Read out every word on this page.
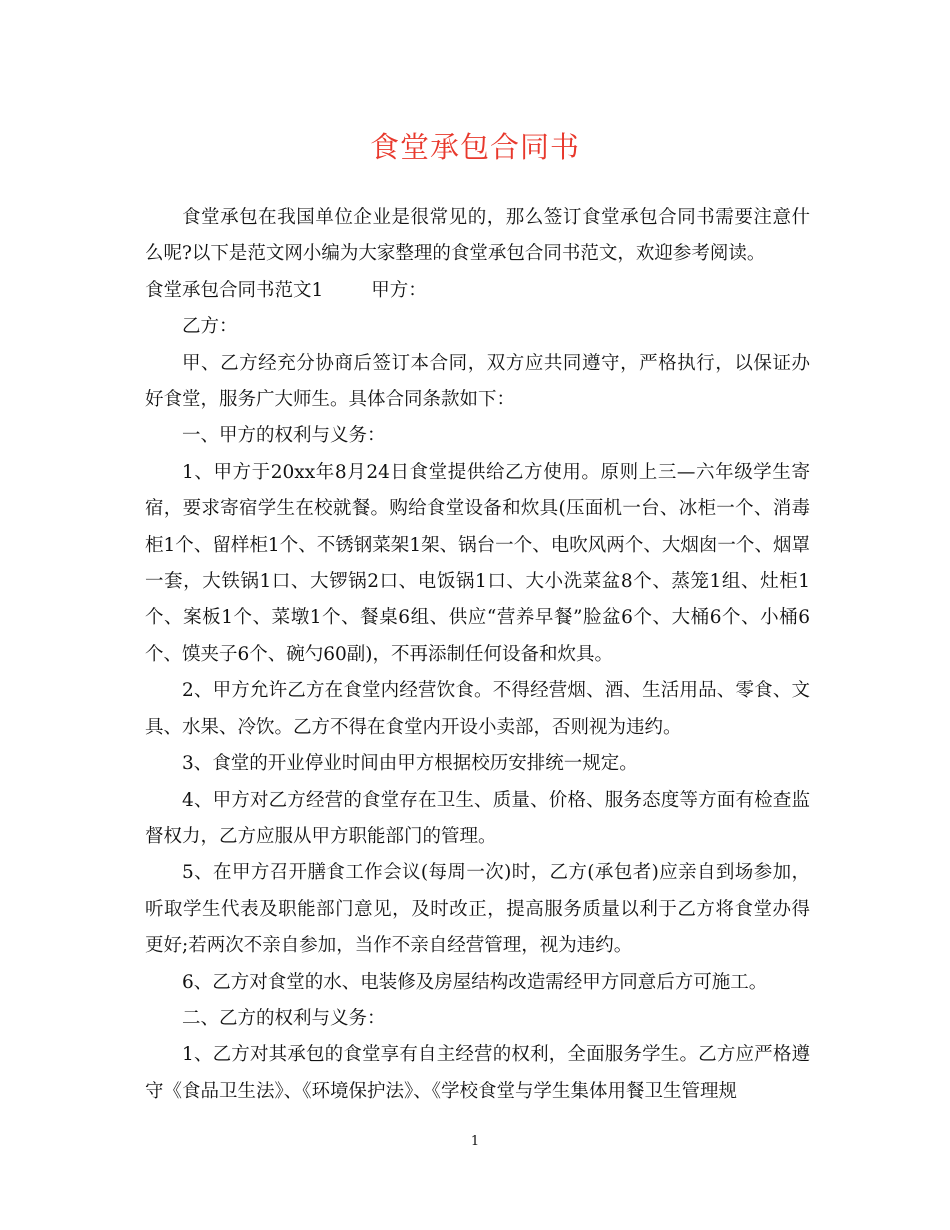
食堂承包合同书

食堂承包在我国单位企业是很常见的，那么签订食堂承包合同书需要注意什么呢?以下是范文网小编为大家整理的食堂承包合同书范文，欢迎参考阅读。

食堂承包合同书范文1	甲方：

乙方：

甲、乙方经充分协商后签订本合同，双方应共同遵守，严格执行，以保证办好食堂，服务广大师生。具体合同条款如下：

一、甲方的权利与义务：

1、甲方于20xx年8月24日食堂提供给乙方使用。原则上三—六年级学生寄宿，要求寄宿学生在校就餐。购给食堂设备和炊具(压面机一台、冰柜一个、消毒柜1个、留样柜1个、不锈钢菜架1架、锅台一个、电吹风两个、大烟囱一个、烟罩一套，大铁锅1口、大锣锅2口、电饭锅1口、大小洗菜盆8个、蒸笼1组、灶柜1个、案板1个、菜墩1个、餐桌6组、供应“营养早餐”脸盆6个、大桶6个、小桶6个、馍夹子6个、碗勺60副)，不再添制任何设备和炊具。

2、甲方允许乙方在食堂内经营饮食。不得经营烟、酒、生活用品、零食、文具、水果、冷饮。乙方不得在食堂内开设小卖部，否则视为违约。

3、食堂的开业停业时间由甲方根据校历安排统一规定。

4、甲方对乙方经营的食堂存在卫生、质量、价格、服务态度等方面有检查监督权力，乙方应服从甲方职能部门的管理。

5、在甲方召开膳食工作会议(每周一次)时，乙方(承包者)应亲自到场参加，听取学生代表及职能部门意见，及时改正，提高服务质量以利于乙方将食堂办得更好;若两次不亲自参加，当作不亲自经营管理，视为违约。

6、乙方对食堂的水、电装修及房屋结构改造需经甲方同意后方可施工。

二、乙方的权利与义务：

1、乙方对其承包的食堂享有自主经营的权利，全面服务学生。乙方应严格遵守《食品卫生法》、《环境保护法》、《学校食堂与学生集体用餐卫生管理规

1
